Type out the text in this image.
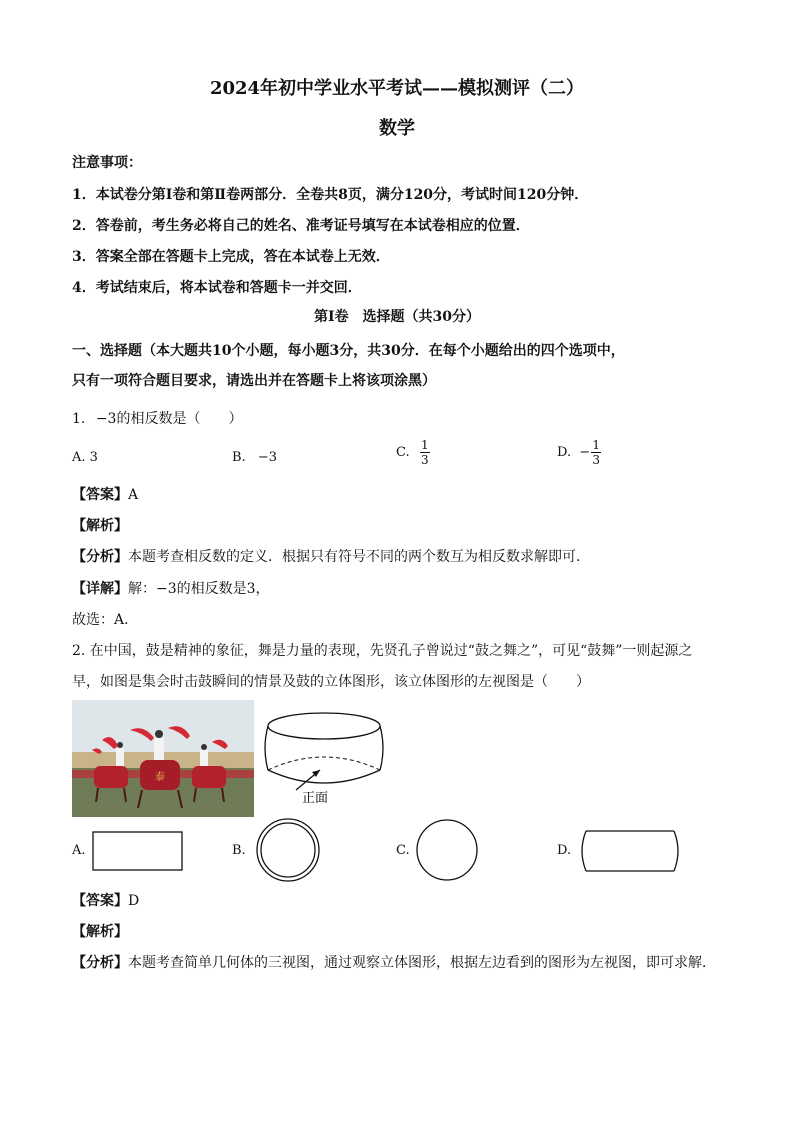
2024年初中学业水平考试——模拟测评（二）
数学
注意事项：
1．本试卷分第Ⅰ卷和第Ⅱ卷两部分．全卷共8页，满分120分，考试时间120分钟．
2．答卷前，考生务必将自己的姓名、准考证号填写在本试卷相应的位置．
3．答案全部在答题卡上完成，答在本试卷上无效．
4．考试结束后，将本试卷和答题卡一并交回．
第Ⅰ卷　选择题（共30分）
一、选择题（本大题共10个小题，每小题3分，共30分．在每个小题给出的四个选项中，
只有一项符合题目要求，请选出并在答题卡上将该项涂黑）
1. −3的相反数是（　　）
A. 3	B. −3	C. $\frac{1}{3}$	D. − $\frac{1}{3}$
【答案】A
【解析】
【分析】本题考查相反数的定义．根据只有符号不同的两个数互为相反数求解即可．
【详解】解：−3的相反数是3，
故选：A．
2. 在中国，鼓是精神的象征，舞是力量的表现，先贤孔子曾说过“鼓之舞之”，可见“鼓舞”一则起源之
早，如图是集会时击鼓瞬间的情景及鼓的立体图形，该立体图形的左视图是（　　）
泰
正面
A.	B.	C.	D.
【答案】D
【解析】
【分析】本题考查简单几何体的三视图，通过观察立体图形，根据左边看到的图形为左视图，即可求解．
